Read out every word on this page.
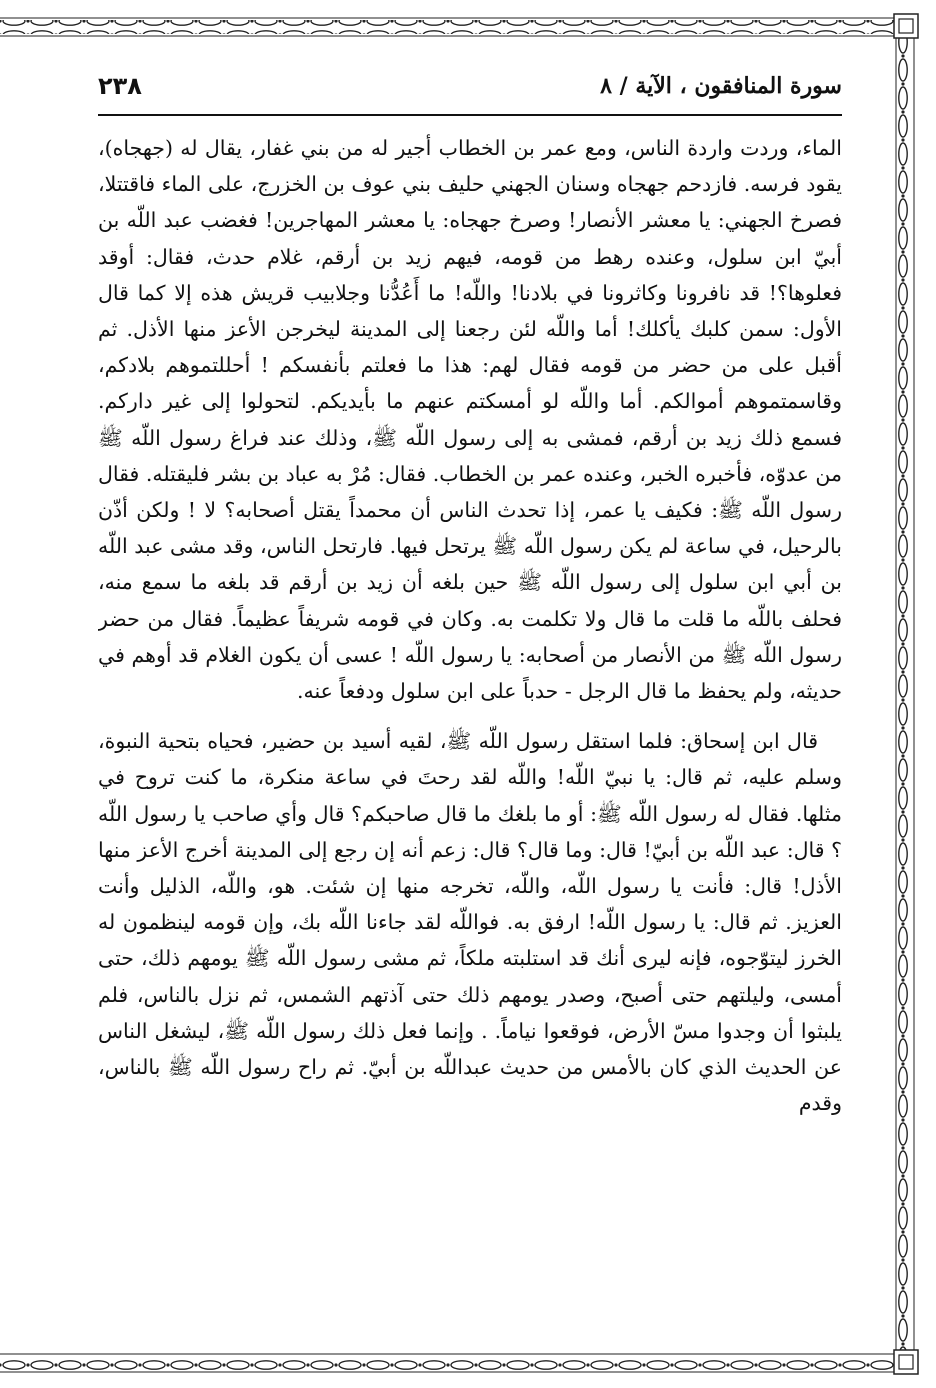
سورة المنافقون ، الآية / ٨
٢٣٨

الماء، وردت واردة الناس، ومع عمر بن الخطاب أجير له من بني غفار، يقال له (جهجاه)، يقود فرسه. فازدحم جهجاه وسنان الجهني حليف بني عوف بن الخزرج، على الماء فاقتتلا، فصرخ الجهني: يا معشر الأنصار! وصرخ جهجاه: يا معشر المهاجرين! فغضب عبد اللّه بن أبيّ ابن سلول، وعنده رهط من قومه، فيهم زيد بن أرقم، غلام حدث، فقال: أوقد فعلوها؟! قد نافرونا وكاثرونا في بلادنا! واللّه! ما أَعُدُّنا وجلابيب قريش هذه إلا كما قال الأول: سمن كلبك يأكلك! أما واللّه لئن رجعنا إلى المدينة ليخرجن الأعز منها الأذل. ثم أقبل على من حضر من قومه فقال لهم: هذا ما فعلتم بأنفسكم ! أحللتموهم بلادكم، وقاسمتموهم أموالكم. أما واللّه لو أمسكتم عنهم ما بأيديكم. لتحولوا إلى غير داركم. فسمع ذلك زيد بن أرقم، فمشى به إلى رسول اللّه ﷺ، وذلك عند فراغ رسول اللّه ﷺ من عدوّه، فأخبره الخبر، وعنده عمر بن الخطاب. فقال: مُرْ به عباد بن بشر فليقتله. فقال رسول اللّه ﷺ: فكيف يا عمر، إذا تحدث الناس أن محمداً يقتل أصحابه؟ لا ! ولكن أذّن بالرحيل، في ساعة لم يكن رسول اللّه ﷺ يرتحل فيها. فارتحل الناس، وقد مشى عبد اللّه بن أبي ابن سلول إلى رسول اللّه ﷺ حين بلغه أن زيد بن أرقم قد بلغه ما سمع منه، فحلف باللّه ما قلت ما قال ولا تكلمت به. وكان في قومه شريفاً عظيماً. فقال من حضر رسول اللّه ﷺ من الأنصار من أصحابه: يا رسول اللّه ! عسى أن يكون الغلام قد أوهم في حديثه، ولم يحفظ ما قال الرجل - حدباً على ابن سلول ودفعاً عنه.

قال ابن إسحاق: فلما استقل رسول اللّه ﷺ، لقيه أسيد بن حضير، فحياه بتحية النبوة، وسلم عليه، ثم قال: يا نبيّ اللّه! واللّه لقد رحتَ في ساعة منكرة، ما كنت تروح في مثلها. فقال له رسول اللّه ﷺ: أو ما بلغك ما قال صاحبكم؟ قال وأي صاحب يا رسول اللّه ؟ قال: عبد اللّه بن أبيّ! قال: وما قال؟ قال: زعم أنه إن رجع إلى المدينة أخرج الأعز منها الأذل! قال: فأنت يا رسول اللّه، واللّه، تخرجه منها إن شئت. هو، واللّه، الذليل وأنت العزيز. ثم قال: يا رسول اللّه! ارفق به. فواللّه لقد جاءنا اللّه بك، وإن قومه لينظمون له الخرز ليتوّجوه، فإنه ليرى أنك قد استلبته ملكاً، ثم مشى رسول اللّه ﷺ يومهم ذلك، حتى أمسى، وليلتهم حتى أصبح، وصدر يومهم ذلك حتى آذتهم الشمس، ثم نزل بالناس، فلم يلبثوا أن وجدوا مسّ الأرض، فوقعوا نياماً. . وإنما فعل ذلك رسول اللّه ﷺ، ليشغل الناس عن الحديث الذي كان بالأمس من حديث عبداللّه بن أبيّ. ثم راح رسول اللّه ﷺ بالناس، وقدم
